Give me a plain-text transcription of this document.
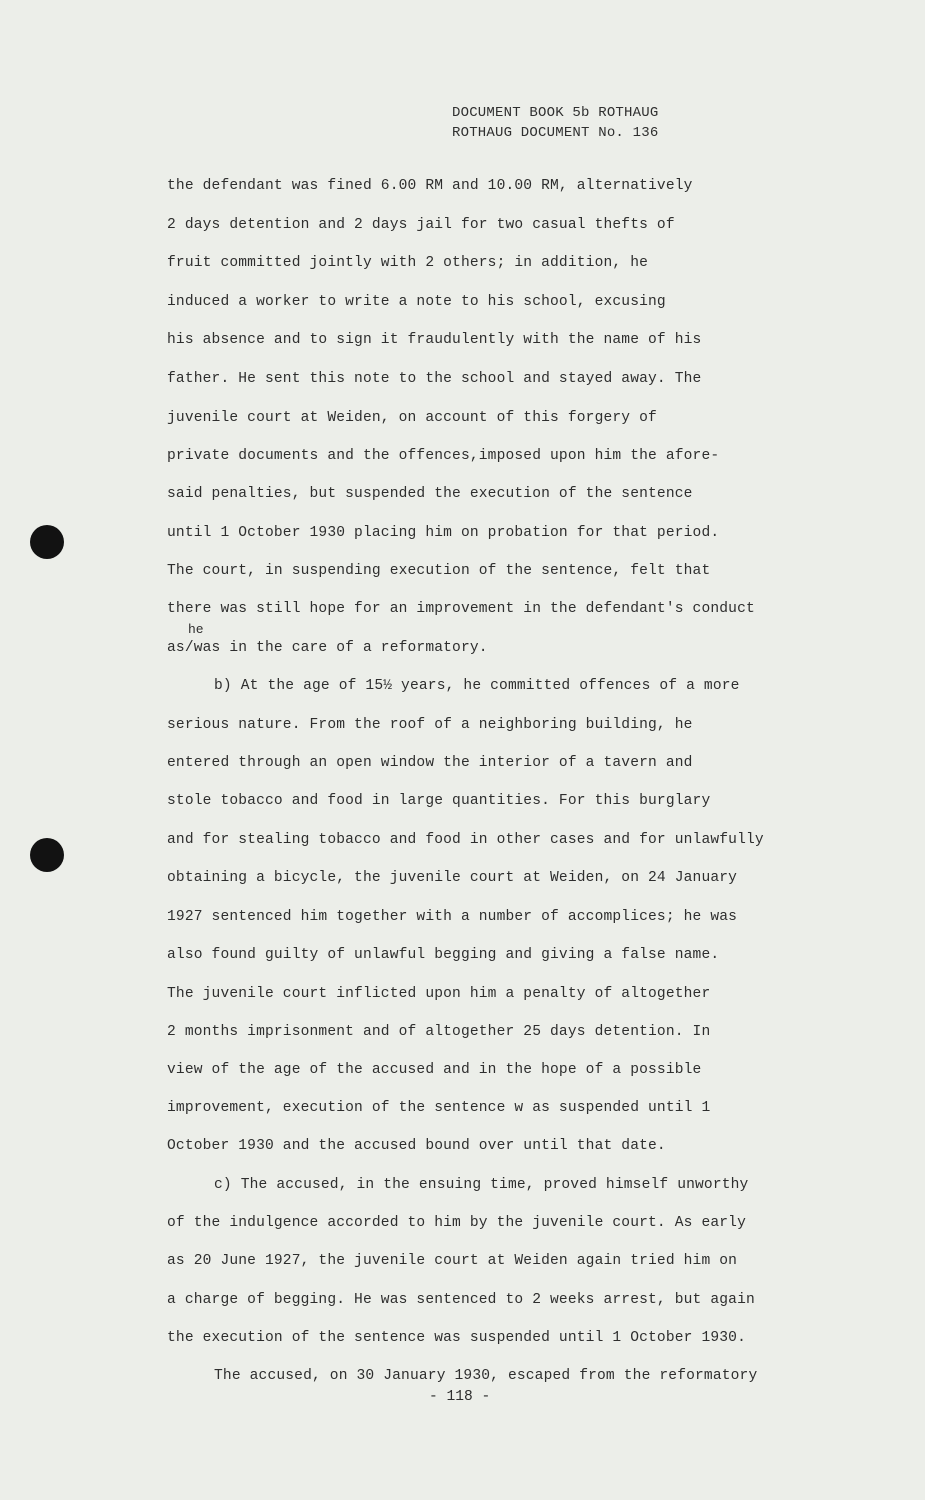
DOCUMENT BOOK 5b ROTHAUG
ROTHAUG DOCUMENT No. 136
the defendant was fined 6.00 RM and 10.00 RM, alternatively
2 days detention and 2 days jail for two casual thefts of
fruit committed jointly with 2 others; in addition, he
induced a worker to write a note to his school, excusing
his absence and to sign it fraudulently with the name of his
father. He sent this note to the school and stayed away. The
juvenile court at Weiden, on account of this forgery of
private documents and the offences,imposed upon him the afore-
said penalties, but suspended the execution of the sentence
until 1 October 1930 placing him on probation for that period.
The court, in suspending execution of the sentence, felt that
there was still hope for an improvement in the defendant's conduct
he
as/was in the care of a reformatory.
b) At the age of 15½ years, he committed offences of a more
serious nature. From the roof of a neighboring building, he
entered through an open window the interior of a tavern and
stole tobacco and food in large quantities. For this burglary
and for stealing tobacco and food in other cases and for unlawfully
obtaining a bicycle, the juvenile court at Weiden, on 24 January
1927 sentenced him together with a number of accomplices; he was
also found guilty of unlawful begging and giving a false name.
The juvenile court inflicted upon him a penalty of altogether
2 months imprisonment and of altogether 25 days detention. In
view of the age of the accused and in the hope of a possible
improvement, execution of the sentence w as suspended until 1
October 1930 and the accused bound over until that date.
c) The accused, in the ensuing time, proved himself unworthy
of the indulgence accorded to him by the juvenile court. As early
as 20 June 1927, the juvenile court at Weiden again tried him on
a charge of begging. He was sentenced to 2 weeks arrest, but again
the execution of the sentence was suspended until 1 October 1930.
The accused, on 30 January 1930, escaped from the reformatory
- 118 -
